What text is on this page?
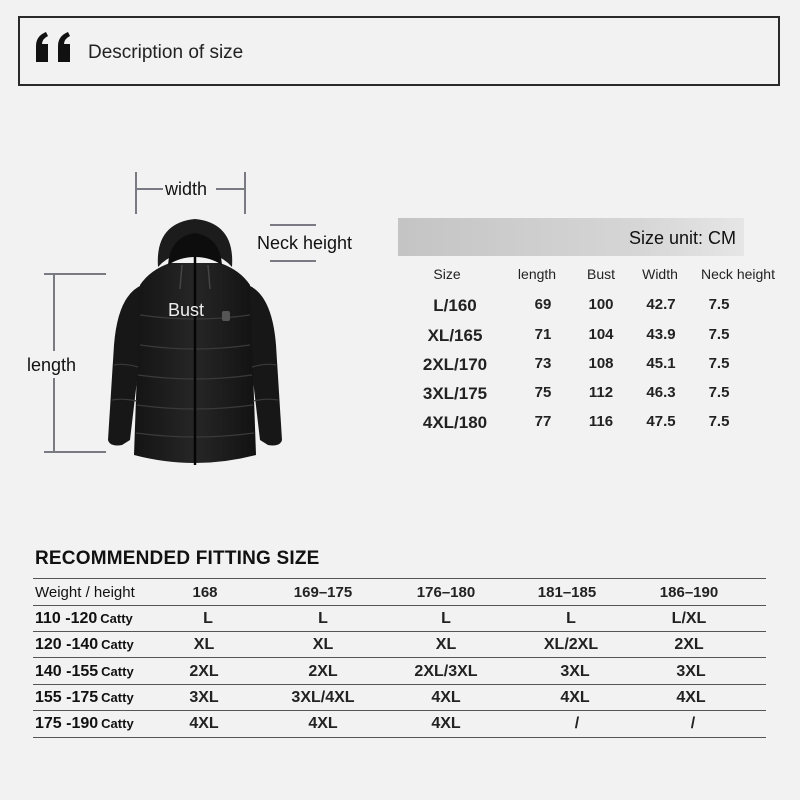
Description of size
width
Neck height
length
Bust
Size unit: CM
Size	length Bust Width Neck height
L/160	69 100 42.7 7.5
XL/165	71 104 43.9 7.5
2XL/170	73 108 45.1 7.5
3XL/175	75	112 46.3 7.5
4XL/180	77	116 47.5 7.5
RECOMMENDED FITTING SIZE
Weight / height	168	169–175	176–180	181–185	186–190
110 -120 Catty	L	L	L	L	L/XL
120 -140 Catty	XL	XL	XL	XL/2XL	2XL
140 -155 Catty	2XL	2XL	2XL/3XL	3XL	3XL
155 -175 Catty	3XL	3XL/4XL	4XL	4XL	4XL
175 -190 Catty	4XL	4XL	4XL	/	/
